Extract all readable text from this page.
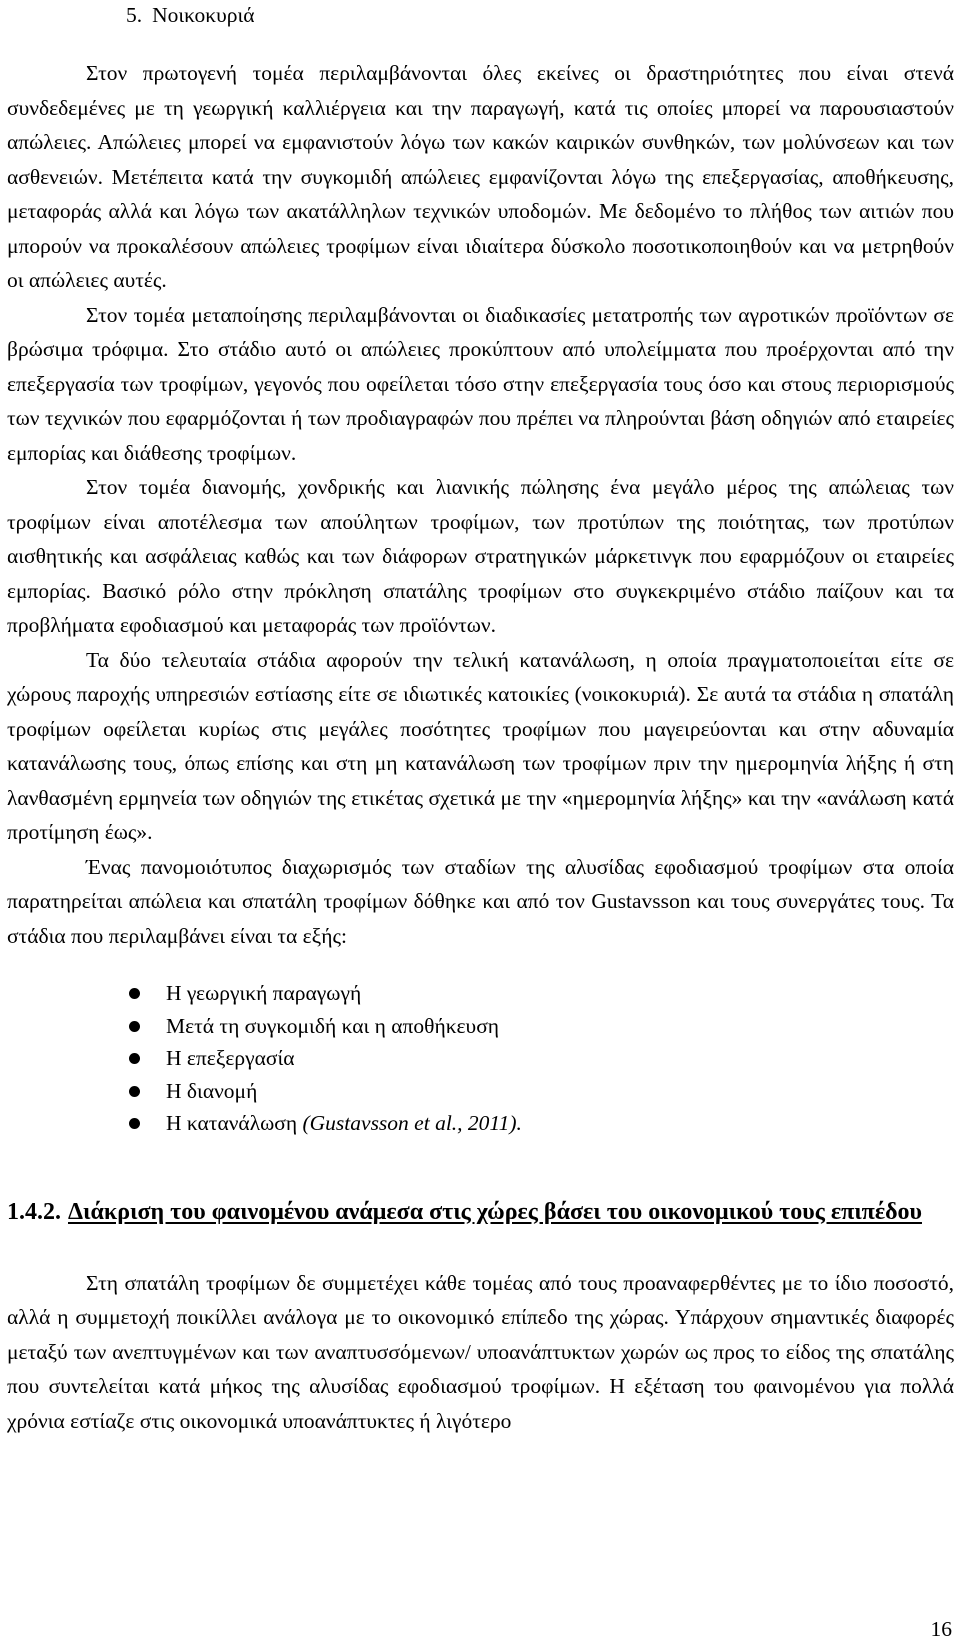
5. Νοικοκυριά

Στον πρωτογενή τομέα περιλαμβάνονται όλες εκείνες οι δραστηριότητες που είναι στενά συνδεδεμένες με τη γεωργική καλλιέργεια και την παραγωγή, κατά τις οποίες μπορεί να παρουσιαστούν απώλειες. Απώλειες μπορεί να εμφανιστούν λόγω των κακών καιρικών συνθηκών, των μολύνσεων και των ασθενειών. Μετέπειτα κατά την συγκομιδή απώλειες εμφανίζονται λόγω της επεξεργασίας, αποθήκευσης, μεταφοράς αλλά και λόγω των ακατάλληλων τεχνικών υποδομών. Με δεδομένο το πλήθος των αιτιών που μπορούν να προκαλέσουν απώλειες τροφίμων είναι ιδιαίτερα δύσκολο ποσοτικοποιηθούν και να μετρηθούν οι απώλειες αυτές.

Στον τομέα μεταποίησης περιλαμβάνονται οι διαδικασίες μετατροπής των αγροτικών προϊόντων σε βρώσιμα τρόφιμα. Στο στάδιο αυτό οι απώλειες προκύπτουν από υπολείμματα που προέρχονται από την επεξεργασία των τροφίμων, γεγονός που οφείλεται τόσο στην επεξεργασία τους όσο και στους περιορισμούς των τεχνικών που εφαρμόζονται ή των προδιαγραφών που πρέπει να πληρούνται βάση οδηγιών από εταιρείες εμπορίας και διάθεσης τροφίμων.

Στον τομέα διανομής, χονδρικής και λιανικής πώλησης ένα μεγάλο μέρος της απώλειας των τροφίμων είναι αποτέλεσμα των απούλητων τροφίμων, των προτύπων της ποιότητας, των προτύπων αισθητικής και ασφάλειας καθώς και των διάφορων στρατηγικών μάρκετινγκ που εφαρμόζουν οι εταιρείες εμπορίας. Βασικό ρόλο στην πρόκληση σπατάλης τροφίμων στο συγκεκριμένο στάδιο παίζουν και τα προβλήματα εφοδιασμού και μεταφοράς των προϊόντων.

Τα δύο τελευταία στάδια αφορούν την τελική κατανάλωση, η οποία πραγματοποιείται είτε σε χώρους παροχής υπηρεσιών εστίασης είτε σε ιδιωτικές κατοικίες (νοικοκυριά). Σε αυτά τα στάδια η σπατάλη τροφίμων οφείλεται κυρίως στις μεγάλες ποσότητες τροφίμων που μαγειρεύονται και στην αδυναμία κατανάλωσης τους, όπως επίσης και στη μη κατανάλωση των τροφίμων πριν την ημερομηνία λήξης ή στη λανθασμένη ερμηνεία των οδηγιών της ετικέτας σχετικά με την «ημερομηνία λήξης» και την «ανάλωση κατά προτίμηση έως».

Ένας πανομοιότυπος διαχωρισμός των σταδίων της αλυσίδας εφοδιασμού τροφίμων στα οποία παρατηρείται απώλεια και σπατάλη τροφίμων δόθηκε και από τον Gustavsson και τους συνεργάτες τους. Τα στάδια που περιλαμβάνει είναι τα εξής:

Η γεωργική παραγωγή
Μετά τη συγκομιδή και η αποθήκευση
Η επεξεργασία
Η διανομή
Η κατανάλωση (Gustavsson et al., 2011).
1.4.2. Διάκριση του φαινομένου ανάμεσα στις χώρες βάσει του οικονομικού τους επιπέδου

Στη σπατάλη τροφίμων δε συμμετέχει κάθε τομέας από τους προαναφερθέντες με το ίδιο ποσοστό, αλλά η συμμετοχή ποικίλλει ανάλογα με το οικονομικό επίπεδο της χώρας. Υπάρχουν σημαντικές διαφορές μεταξύ των ανεπτυγμένων και των αναπτυσσόμενων/ υποανάπτυκτων χωρών ως προς το είδος της σπατάλης που συντελείται κατά μήκος της αλυσίδας εφοδιασμού τροφίμων. Η εξέταση του φαινομένου για πολλά χρόνια εστίαζε στις οικονομικά υποανάπτυκτες ή λιγότερο

16
